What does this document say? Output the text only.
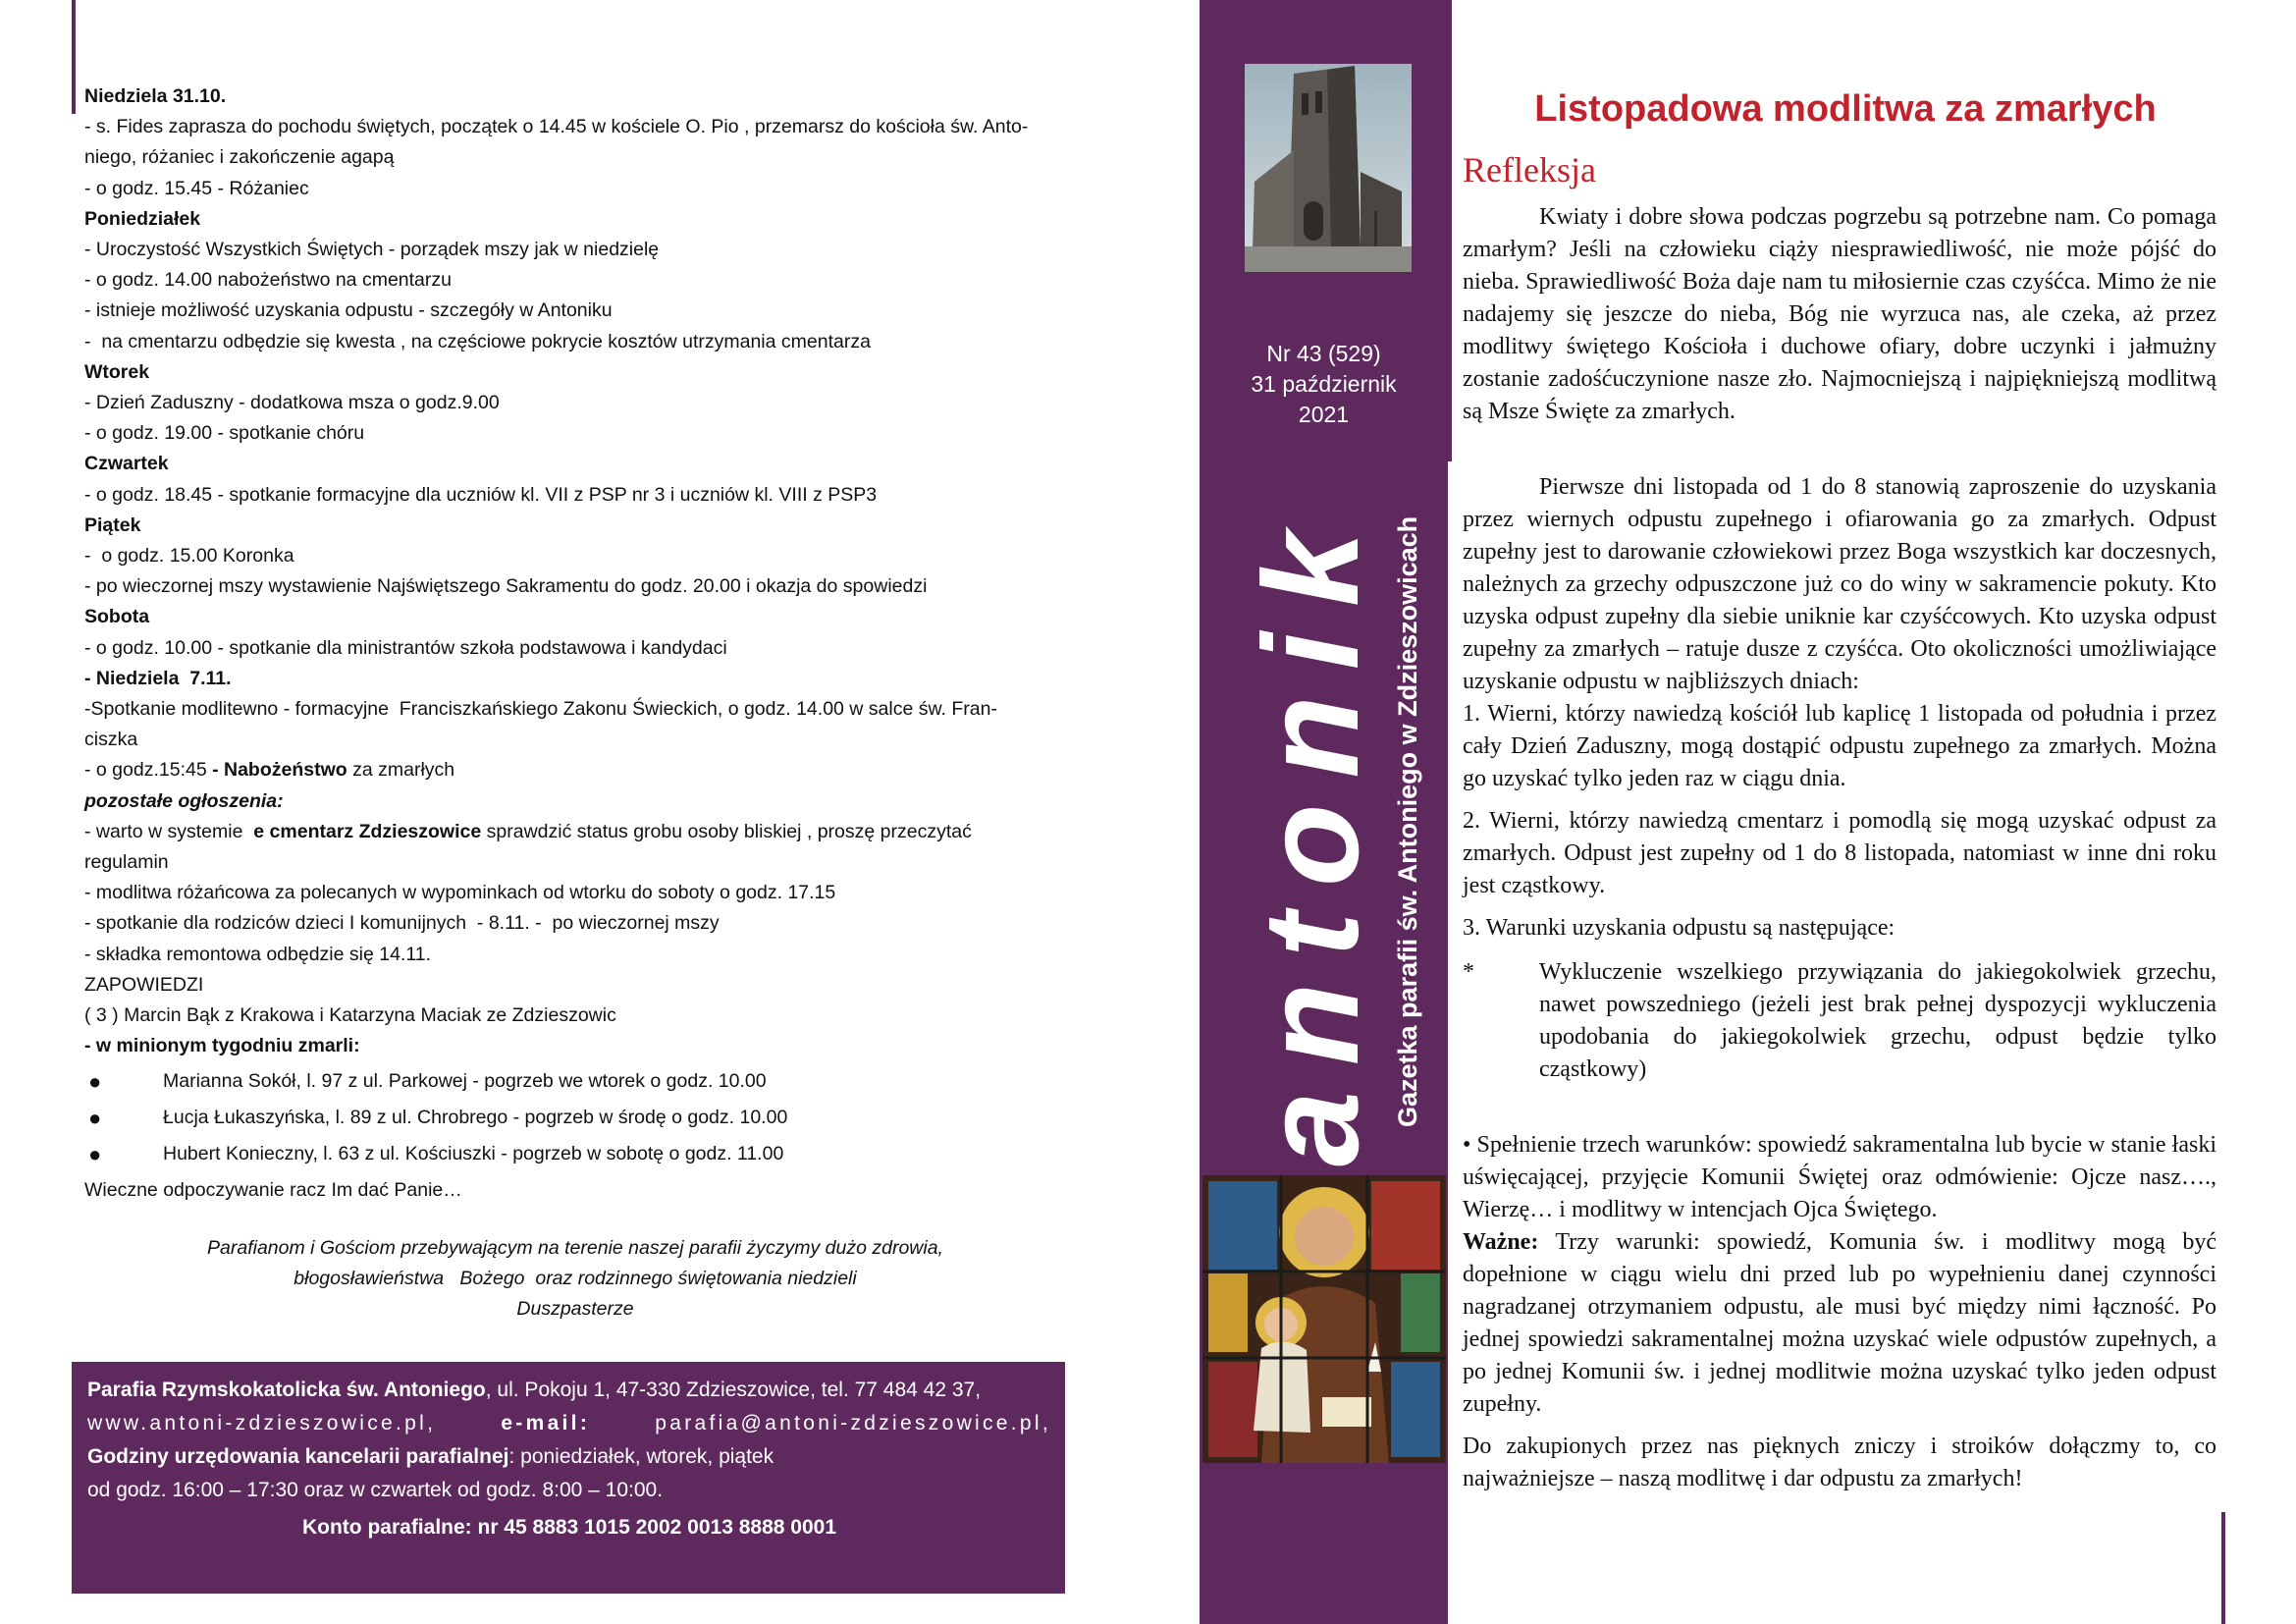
Niedziela 31.10.
- s. Fides zaprasza do pochodu świętych, początek o 14.45 w kościele O. Pio , przemarsz do kościoła św. Anto-
niego, różaniec i zakończenie agapą
- o godz. 15.45 - Różaniec
Poniedziałek
- Uroczystość Wszystkich Świętych - porządek mszy jak w niedzielę
- o godz. 14.00 nabożeństwo na cmentarzu
- istnieje możliwość uzyskania odpustu - szczegóły w Antoniku
-  na cmentarzu odbędzie się kwesta , na częściowe pokrycie kosztów utrzymania cmentarza
Wtorek
- Dzień Zaduszny - dodatkowa msza o godz.9.00
- o godz. 19.00 - spotkanie chóru
Czwartek
- o godz. 18.45 - spotkanie formacyjne dla uczniów kl. VII z PSP nr 3 i uczniów kl. VIII z PSP3
Piątek
-  o godz. 15.00 Koronka
- po wieczornej mszy wystawienie Najświętszego Sakramentu do godz. 20.00 i okazja do spowiedzi
Sobota
- o godz. 10.00 - spotkanie dla ministrantów szkoła podstawowa i kandydaci
- Niedziela  7.11.
-Spotkanie modlitewno - formacyjne  Franciszkańskiego Zakonu Świeckich, o godz. 14.00 w salce św. Fran-
ciszka
- o godz.15:45 - Nabożeństwo za zmarłych
pozostałe ogłoszenia:
- warto w systemie  e cmentarz Zdzieszowice sprawdzić status grobu osoby bliskiej , proszę przeczytać
regulamin
- modlitwa różańcowa za polecanych w wypominkach od wtorku do soboty o godz. 17.15
- spotkanie dla rodziców dzieci I komunijnych  - 8.11. -  po wieczornej mszy
- składka remontowa odbędzie się 14.11.
ZAPOWIEDZI
( 3 ) Marcin Bąk z Krakowa i Katarzyna Maciak ze Zdzieszowic
- w minionym tygodniu zmarli:
●	Marianna Sokół, l. 97 z ul. Parkowej - pogrzeb we wtorek o godz. 10.00
●	Łucja Łukaszyńska, l. 89 z ul. Chrobrego - pogrzeb w środę o godz. 10.00
●	Hubert Konieczny, l. 63 z ul. Kościuszki - pogrzeb w sobotę o godz. 11.00
Wieczne odpoczywanie racz Im dać Panie…
Parafianom i Gościom przebywającym na terenie naszej parafii życzymy dużo zdrowia,
błogosławieństwa   Bożego  oraz rodzinnego świętowania niedzieli
Duszpasterze
Parafia Rzymskokatolicka św. Antoniego, ul. Pokoju 1, 47-330 Zdzieszowice, tel. 77 484 42 37,
www.antoni-zdzieszowice.pl,	e-mail:	parafia@antoni-zdzieszowice.pl,
Godziny urzędowania kancelarii parafialnej: poniedziałek, wtorek, piątek
od godz. 16:00 – 17:30 oraz w czwartek od godz. 8:00 – 10:00.
Konto parafialne: nr 45 8883 1015 2002 0013 8888 0001
Nr 43 (529)
31 październik
2021
antonik Gazetka parafii św. Antoniego w Zdzieszowicach
Listopadowa modlitwa za zmarłych
Refleksja

Kwiaty i dobre słowa podczas pogrzebu są potrzebne nam. Co pomaga zmarłym? Jeśli na człowieku ciąży niesprawiedliwość, nie może pójść do nieba. Sprawiedliwość Boża daje nam tu miłosiernie czas czyśćca. Mimo że nie nadajemy się jeszcze do nieba, Bóg nie wyrzuca nas, ale czeka, aż przez modlitwy świętego Kościoła i duchowe ofiary, dobre uczynki i jałmużny zostanie zadośćuczynione nasze zło. Najmocniejszą i najpiękniejszą modlitwą są Msze Święte za zmarłych.

Pierwsze dni listopada od 1 do 8 stanowią zaproszenie do uzyskania przez wiernych odpustu zupełnego i ofiarowania go za zmarłych. Odpust zupełny jest to darowanie człowiekowi przez Boga wszystkich kar doczesnych, należnych za grzechy odpuszczone już co do winy w sakramencie pokuty. Kto uzyska odpust zupełny dla siebie uniknie kar czyśćcowych. Kto uzyska odpust zupełny za zmarłych – ratuje dusze z czyśćca. Oto okoliczności umożliwiające uzyskanie odpustu w najbliższych dniach:

1. Wierni, którzy nawiedzą kościół lub kaplicę 1 listopada od południa i przez cały Dzień Zaduszny, mogą dostąpić odpustu zupełnego za zmarłych. Można go uzyskać tylko jeden raz w ciągu dnia.

2. Wierni, którzy nawiedzą cmentarz i pomodlą się mogą uzyskać odpust za zmarłych. Odpust jest zupełny od 1 do 8 listopada, natomiast w inne dni roku jest cząstkowy.

3. Warunki uzyskania odpustu są następujące:

*	Wykluczenie wszelkiego przywiązania do jakiegokolwiek grzechu, nawet powszedniego (jeżeli jest brak pełnej dyspozycji wykluczenia upodobania do jakiegokolwiek grzechu, odpust będzie tylko cząstkowy)

• Spełnienie trzech warunków: spowiedź sakramentalna lub bycie w stanie łaski uświęcającej, przyjęcie Komunii Świętej oraz odmówienie: Ojcze nasz…., Wierzę… i modlitwy w intencjach Ojca Świętego.

Ważne: Trzy warunki: spowiedź, Komunia św. i modlitwy mogą być dopełnione w ciągu wielu dni przed lub po wypełnieniu danej czynności nagradzanej otrzymaniem odpustu, ale musi być między nimi łączność. Po jednej spowiedzi sakramentalnej można uzyskać wiele odpustów zupełnych, a po jednej Komunii św. i jednej modlitwie można uzyskać tylko jeden odpust zupełny.

Do zakupionych przez nas pięknych zniczy i stroików dołączmy to, co najważniejsze – naszą modlitwę i dar odpustu za zmarłych!
